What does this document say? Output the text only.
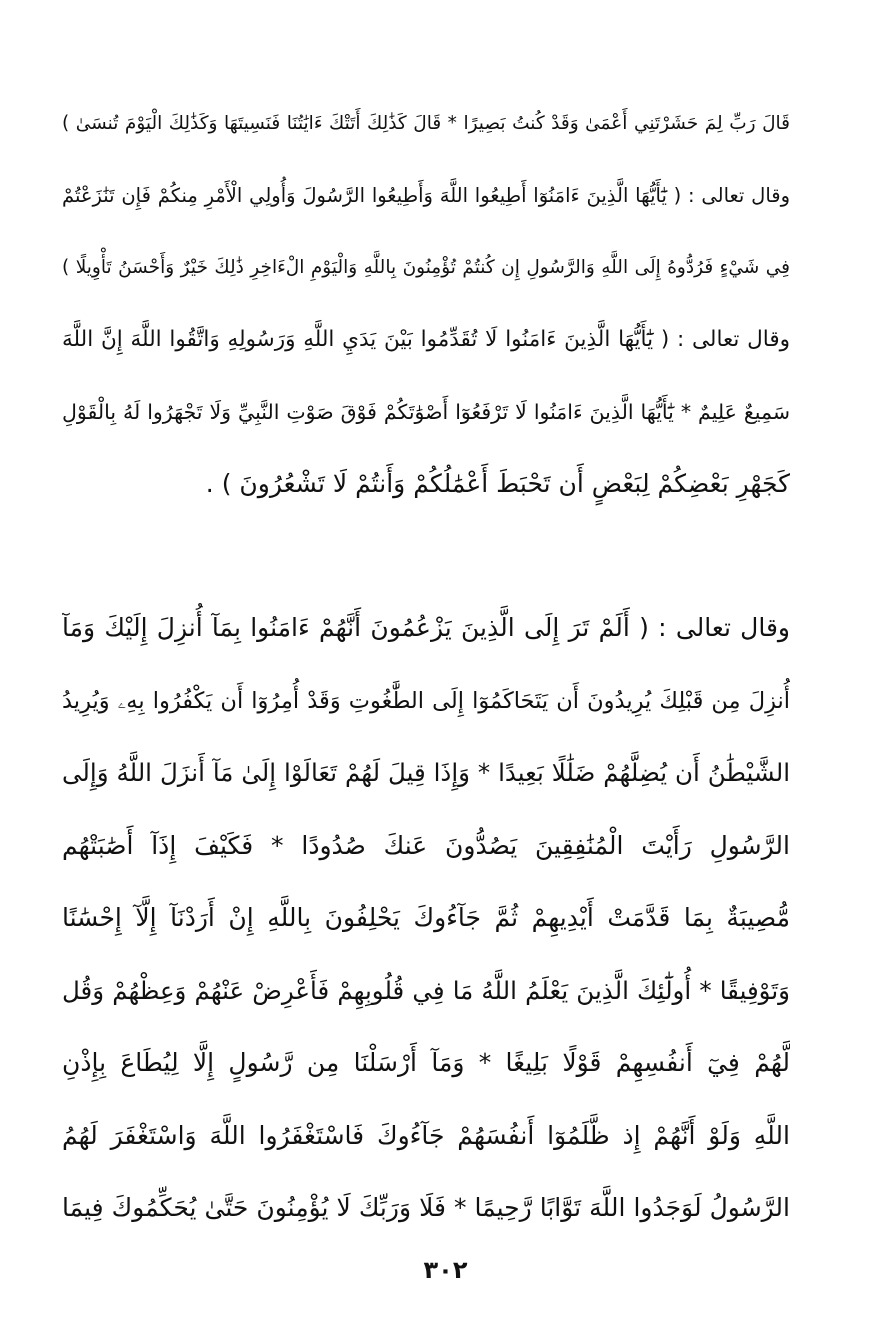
قَالَ رَبِّ لِمَ حَشَرْتَنِي أَعْمَىٰ وَقَدْ كُنتُ بَصِيرًا * قَالَ كَذَٰلِكَ أَتَتْكَ ءَايَٰتُنَا فَنَسِيتَهَا وَكَذَٰلِكَ الْيَوْمَ تُنسَىٰ )
وقال تعالى : ( يَٰٓأَيُّهَا الَّذِينَ ءَامَنُوٓا أَطِيعُوا اللَّهَ وَأَطِيعُوا الرَّسُولَ وَأُولِي الْأَمْرِ مِنكُمْ فَإِن تَنَٰزَعْتُمْ
فِي شَيْءٍ فَرُدُّوهُ إِلَى اللَّهِ وَالرَّسُولِ إِن كُنتُمْ تُؤْمِنُونَ بِاللَّهِ وَالْيَوْمِ الْءَاخِرِ ذَٰلِكَ خَيْرٌ وَأَحْسَنُ تَأْوِيلًا )
وقال تعالى : ( يَٰٓأَيُّهَا الَّذِينَ ءَامَنُوا لَا تُقَدِّمُوا بَيْنَ يَدَيِ اللَّهِ وَرَسُولِهِ وَاتَّقُوا اللَّهَ إِنَّ اللَّهَ
سَمِيعٌ عَلِيمٌ * يَٰٓأَيُّهَا الَّذِينَ ءَامَنُوا لَا تَرْفَعُوٓا أَصْوَٰتَكُمْ فَوْقَ صَوْتِ النَّبِيِّ وَلَا تَجْهَرُوا لَهُ بِالْقَوْلِ
كَجَهْرِ بَعْضِكُمْ لِبَعْضٍ أَن تَحْبَطَ أَعْمَٰلُكُمْ وَأَنتُمْ لَا تَشْعُرُونَ ) .
وقال تعالى : ( أَلَمْ تَرَ إِلَى الَّذِينَ يَزْعُمُونَ أَنَّهُمْ ءَامَنُوا بِمَآ أُنزِلَ إِلَيْكَ وَمَآ
أُنزِلَ مِن قَبْلِكَ يُرِيدُونَ أَن يَتَحَاكَمُوٓا إِلَى الطَّٰغُوتِ وَقَدْ أُمِرُوٓا أَن يَكْفُرُوا بِهِۦ وَيُرِيدُ
الشَّيْطَٰنُ أَن يُضِلَّهُمْ ضَلَٰلًا بَعِيدًا * وَإِذَا قِيلَ لَهُمْ تَعَالَوْا إِلَىٰ مَآ أَنزَلَ اللَّهُ وَإِلَى
الرَّسُولِ رَأَيْتَ الْمُنَٰفِقِينَ يَصُدُّونَ عَنكَ صُدُودًا * فَكَيْفَ إِذَآ أَصَٰبَتْهُم
مُّصِيبَةٌ بِمَا قَدَّمَتْ أَيْدِيهِمْ ثُمَّ جَآءُوكَ يَحْلِفُونَ بِاللَّهِ إِنْ أَرَدْنَآ إِلَّآ إِحْسَٰنًا
وَتَوْفِيقًا * أُولَٰٓئِكَ الَّذِينَ يَعْلَمُ اللَّهُ مَا فِي قُلُوبِهِمْ فَأَعْرِضْ عَنْهُمْ وَعِظْهُمْ وَقُل
لَّهُمْ فِيٓ أَنفُسِهِمْ قَوْلًا بَلِيغًا * وَمَآ أَرْسَلْنَا مِن رَّسُولٍ إِلَّا لِيُطَاعَ بِإِذْنِ
اللَّهِ وَلَوْ أَنَّهُمْ إِذ ظَّلَمُوٓا أَنفُسَهُمْ جَآءُوكَ فَاسْتَغْفَرُوا اللَّهَ وَاسْتَغْفَرَ لَهُمُ
الرَّسُولُ لَوَجَدُوا اللَّهَ تَوَّابًا رَّحِيمًا * فَلَا وَرَبِّكَ لَا يُؤْمِنُونَ حَتَّىٰ يُحَكِّمُوكَ فِيمَا
٣٠٢
